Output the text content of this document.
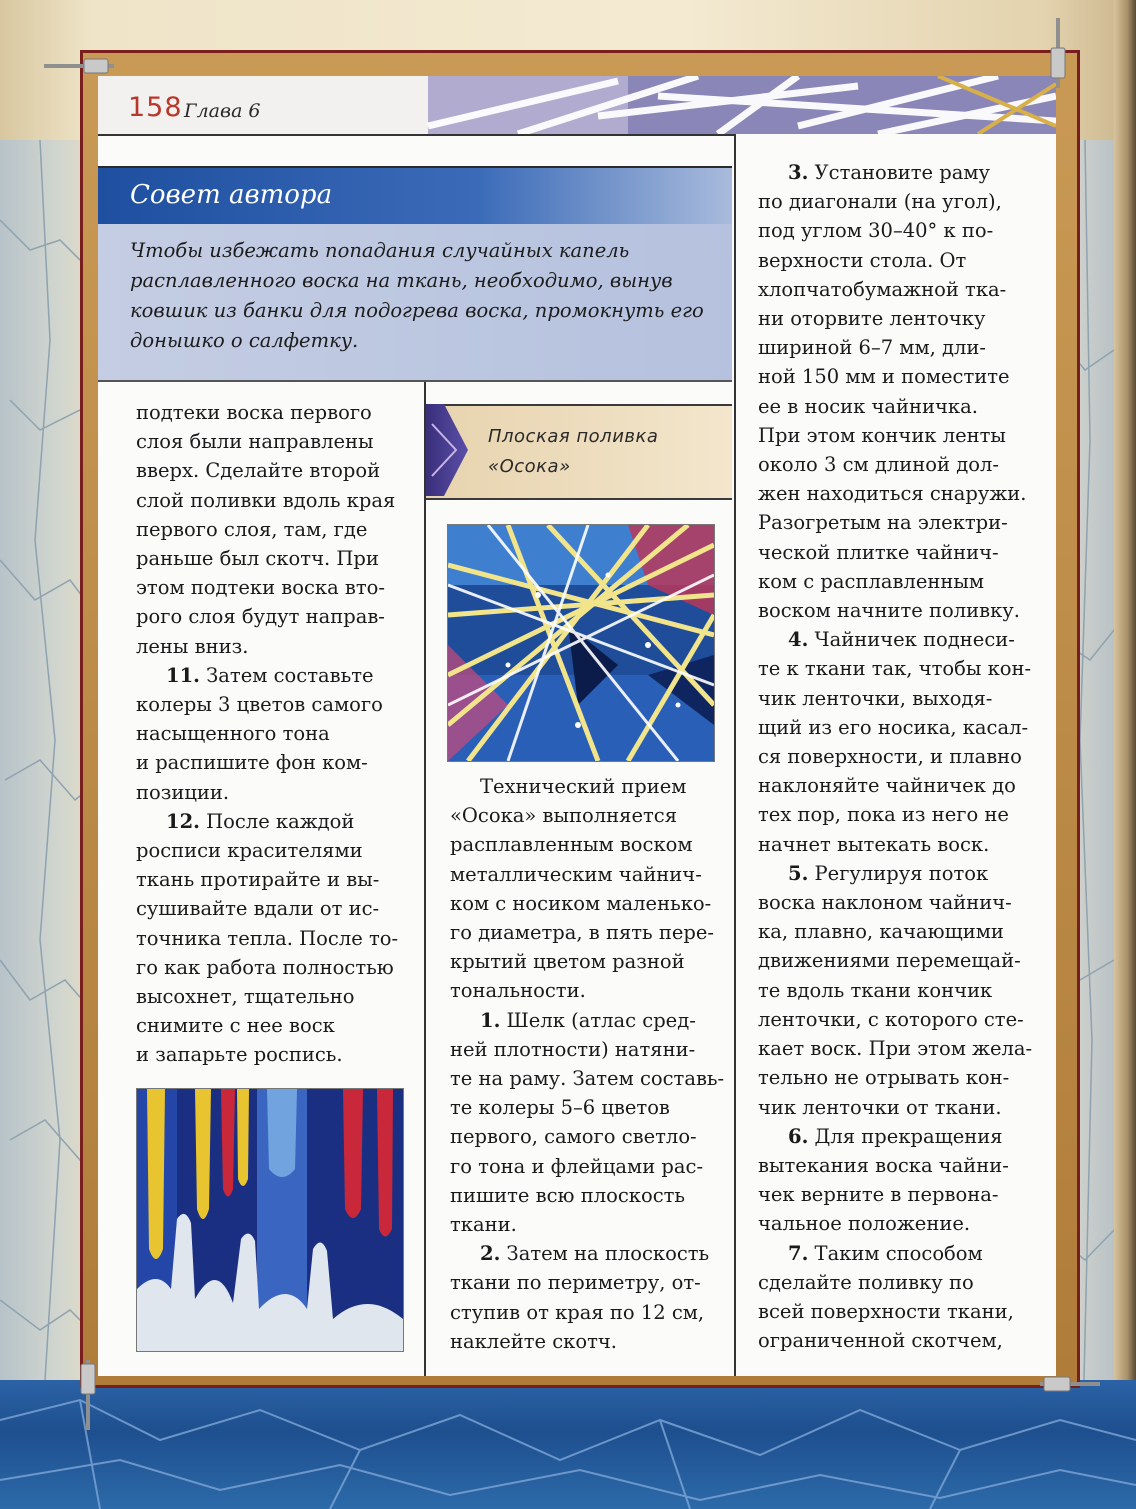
158 Глава 6
Совет автора
Чтобы избежать попадания случайных капель расплавленного воска на ткань, необходимо, вынув ковшик из банки для подогрева воска, промокнуть его донышко о салфетку.

подтеки воска первого

слоя были направлены

вверх. Сделайте второй

слой поливки вдоль края

первого слоя, там, где

раньше был скотч. При

этом подтеки воска вто-

рого слоя будут направ-

лены вниз.

11. Затем составьте

колеры 3 цветов самого

насыщенного тона

и распишите фон ком-

позиции.

12. После каждой

росписи красителями

ткань протирайте и вы-

сушивайте вдали от ис-

точника тепла. После то-

го как работа полностью

высохнет, тщательно

снимите с нее воск

и запарьте роспись.

Плоская поливка
«Осока»

Технический прием

«Осока» выполняется

расплавленным воском

металлическим чайнич-

ком с носиком маленько-

го диаметра, в пять пере-

крытий цветом разной

тональности.

1. Шелк (атлас сред-

ней плотности) натяни-

те на раму. Затем составь-

те колеры 5–6 цветов

первого, самого светло-

го тона и флейцами рас-

пишите всю плоскость

ткани.

2. Затем на плоскость

ткани по периметру, от-

ступив от края по 12 см,

наклейте скотч.

3. Установите раму

по диагонали (на угол),

под углом 30–40° к по-

верхности стола. От

хлопчатобумажной тка-

ни оторвите ленточку

шириной 6–7 мм, дли-

ной 150 мм и поместите

ее в носик чайничка.

При этом кончик ленты

около 3 см длиной дол-

жен находиться снаружи.

Разогретым на электри-

ческой плитке чайнич-

ком с расплавленным

воском начните поливку.

4. Чайничек поднеси-

те к ткани так, чтобы кон-

чик ленточки, выходя-

щий из его носика, касал-

ся поверхности, и плавно

наклоняйте чайничек до

тех пор, пока из него не

начнет вытекать воск.

5. Регулируя поток

воска наклоном чайнич-

ка, плавно, качающими

движениями перемещай-

те вдоль ткани кончик

ленточки, с которого сте-

кает воск. При этом жела-

тельно не отрывать кон-

чик ленточки от ткани.

6. Для прекращения

вытекания воска чайни-

чек верните в первона-

чальное положение.

7. Таким способом

сделайте поливку по

всей поверхности ткани,

ограниченной скотчем,
